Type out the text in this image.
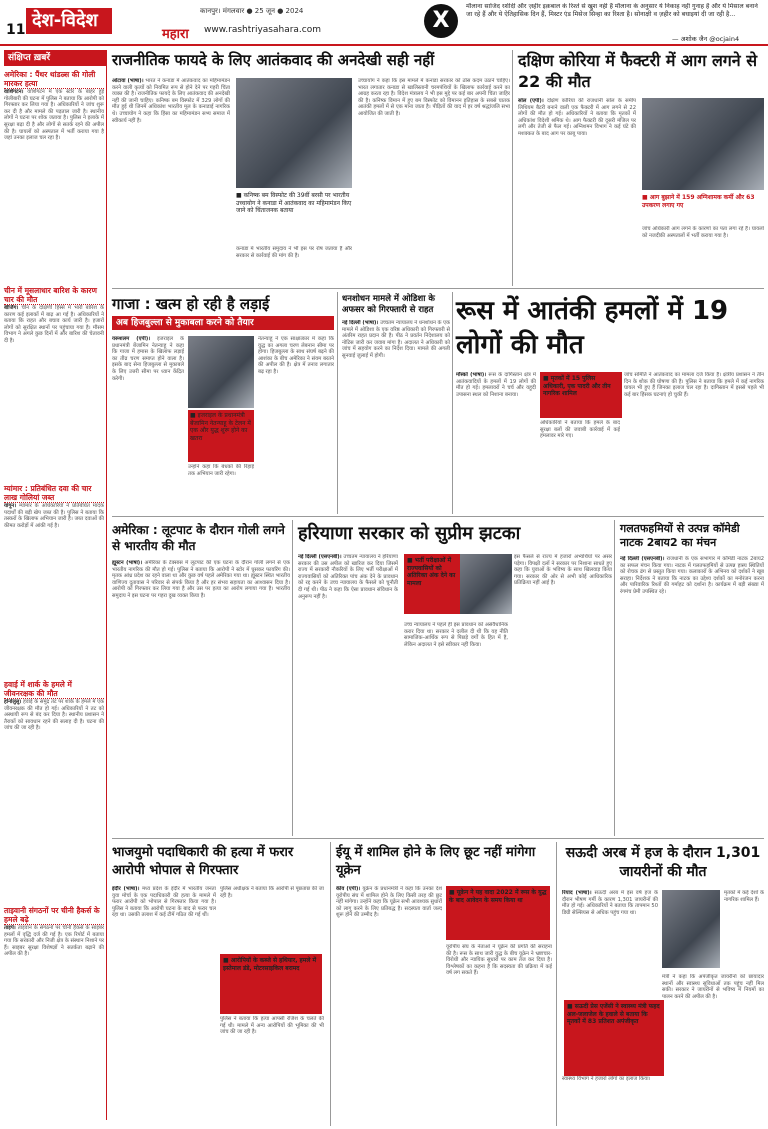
11 देश-विदेश	कानपुर। मंगलवार ● 25 जून ● 2024
महारा www.rashtriyasahara.com	X
मौलाना साजिद रशीदी और ज़हीर इक़बाल के रिश्ते से खुश नहीं हैं मौलाना के अनुसार ये निकाह नहीं गुनाह है और ये मिसाल बनाने जा रहे हैं और ये ऐतिहासिक दिन हैं, मिस्टर एंड मिसेज सिन्हा का रिश्ता है। सोनाक्षी व ज़हीर को बधाइयां दी जा रही है...
— अशोक जैन @ocjain4
संक्षिप्त ख़बरें
अमेरिका : पैंथर थांडल्र्स की गोली मारकर हत्या
वाशिंगटन। वाशिंगटन में एक स्टोर के बाहर हुई गोलीबारी की घटना में पुलिस ने बताया कि आरोपी को गिरफ्तार कर लिया गया है। अधिकारियों ने जांच शुरू कर दी है और मामले की पड़ताल जारी है। स्थानीय लोगों ने घटना पर शोक जताया है। पुलिस ने इलाके में सुरक्षा बढ़ा दी है और लोगों से सतर्क रहने की अपील की है। घायलों को अस्पताल में भर्ती कराया गया है जहां उनका इलाज चल रहा है।
चीन में मूसलाधार बारिश के कारण चार की मौत
बीजिंग। चीन के दक्षिणी हिस्से में भारी बारिश के कारण कई इलाकों में बाढ़ आ गई है। अधिकारियों ने बताया कि राहत और बचाव कार्य जारी है। हजारों लोगों को सुरक्षित स्थानों पर पहुंचाया गया है। मौसम विभाग ने अगले कुछ दिनों में और बारिश की चेतावनी दी है।
म्यांमार : प्रतिबंधित दवा की चार लाख गोलियां जब्त
यांगून। म्यांमार के अधिकारियों ने प्रतिबंधित मादक पदार्थों की बड़ी खेप जब्त की है। पुलिस ने बताया कि तस्करों के खिलाफ अभियान जारी है। जब्त दवाओं की कीमत करोड़ों में आंकी गई है।
हवाई में शार्क के हमले में जीवनरक्षक की मौत
होनोलुलु। हवाई के समुद्र तट पर शार्क के हमले में एक जीवनरक्षक की मौत हो गई। अधिकारियों ने तट को अस्थायी रूप से बंद कर दिया है। स्थानीय प्रशासन ने तैराकों को सावधान रहने की सलाह दी है। घटना की जांच की जा रही है।
ताइवानी संगठनों पर चीनी हैकर्स के हमले बढ़े
ताइपे। ताइवान के संगठनों पर चीनी हैकर्स के साइबर हमलों में वृद्धि दर्ज की गई है। एक रिपोर्ट में बताया गया कि सरकारी और निजी क्षेत्र के संस्थान निशाने पर हैं। साइबर सुरक्षा विशेषज्ञों ने सतर्कता बढ़ाने की अपील की है।
राजनीतिक फायदे के लिए आतंकवाद की अनदेखी सही नहीं
ओटावा (भाषा)। भारत ने कनाडा में आतंकवाद का महिमामंडन करने वाली कृत्यों को नियमित रूप से होने देने पर गहरी चिंता व्यक्त की है। राजनीतिक फायदे के लिए आतंकवाद की अनदेखी नहीं की जानी चाहिए। कनिष्क बम विस्फोट में 329 लोगों की मौत हुई थी जिनमें अधिकांश भारतीय मूल के कनाडाई नागरिक थे। उच्चायोग ने कहा कि हिंसा का महिमामंडन सभ्य समाज में स्वीकार्य नहीं है।
■ कनिष्क बम विस्फोट की 39वीं बरसी पर भारतीय उच्चायोग ने कनाडा में आतंकवाद का महिमामंडन किए जाने को चिंताजनक बताया
कनाडा में भारतीय समुदाय ने भी इस पर रोष जताया है और सरकार से कार्रवाई की मांग की है।
उच्चायोग ने कहा कि इस मामले में कनाडा सरकार को ठोस कदम उठाने चाहिए। भारत लगातार कनाडा से खालिस्तानी चरमपंथियों के खिलाफ कार्रवाई करने का आग्रह करता रहा है। विदेश मंत्रालय ने भी इस मुद्दे पर कई बार अपनी चिंता जाहिर की है। कनिष्क विमान में हुए बम विस्फोट को विमानन इतिहास के सबसे घातक आतंकी हमलों में से एक माना जाता है। पीड़ितों की याद में हर वर्ष श्रद्धांजलि सभा आयोजित की जाती है।
दक्षिण कोरिया में फैक्टरी में आग लगने से 22 की मौत
सोल (एपी)। दक्षिण कोरिया की राजधानी सोल के समीप लिथियम बैटरी बनाने वाली एक फैक्टरी में आग लगने से 22 लोगों की मौत हो गई। अधिकारियों ने बताया कि मृतकों में अधिकांश विदेशी श्रमिक थे। आग फैक्टरी की दूसरी मंजिल पर लगी और तेजी से फैल गई। अग्निशमन विभाग ने कई घंटे की मशक्कत के बाद आग पर काबू पाया।
■ आग बुझाने में 159 अग्निशामक कर्मी और 63 उपकरण लगाए गए
जांच अधिकारी आग लगने के कारणों का पता लगा रहे हैं। घायलों को नजदीकी अस्पतालों में भर्ती कराया गया है।
गाजा : खत्म हो रही है लड़ाई
अब हिजबुल्ला से मुकाबला करने को तैयार
यरूशलम (एपी)। इजराइल के प्रधानमंत्री बेंजामिन नेतन्याहू ने कहा कि गाजा में हमास के खिलाफ लड़ाई का तीव्र चरण समाप्त होने वाला है। इसके बाद सेना हिजबुल्ला से मुकाबले के लिए उत्तरी सीमा पर ध्यान केंद्रित करेगी।
■ इजराइल के प्रधानमंत्री बेंजामिन नेतन्याहू के टेलन में एक और युद्ध शुरू होने का खतरा
उन्होंने कहा कि बंधकों की रिहाई तक अभियान जारी रहेगा।
नेतन्याहू ने एक साक्षात्कार में कहा कि युद्ध का अगला चरण लेबनान सीमा पर होगा। हिजबुल्ला के साथ संघर्ष बढ़ने की आशंका के बीच अमेरिका ने संयम बरतने की अपील की है। क्षेत्र में तनाव लगातार बढ़ रहा है।
धनशोधन मामले में ओडिशा के अफसर को गिरफ्तारी से राहत
नई दिल्ली (भाषा)। उच्चतम न्यायालय ने धनशोधन के एक मामले में ओडिशा के एक वरिष्ठ अधिकारी को गिरफ्तारी से अंतरिम राहत प्रदान की है। पीठ ने प्रवर्तन निदेशालय को नोटिस जारी कर जवाब मांगा है। अदालत ने अधिकारी को जांच में सहयोग करने का निर्देश दिया। मामले की अगली सुनवाई जुलाई में होगी।
रूस में आतंकी हमलों में 19 लोगों की मौत
मॉस्को (भाषा)। रूस के दागिस्तान क्षेत्र में आतंकवादियों के हमलों में 19 लोगों की मौत हो गई। हमलावरों ने चर्च और यहूदी उपासना स्थल को निशाना बनाया।
■ मृतकों में 15 पुलिस अधिकारी, एक पादरी और तीन नागरिक शामिल
अधिकारियों ने बताया कि हमले के बाद सुरक्षा बलों की जवाबी कार्रवाई में कई हमलावर मारे गए।
जांच समिति ने आतंकवाद का मामला दर्ज किया है। क्षेत्रीय प्रशासन ने तीन दिन के शोक की घोषणा की है। पुलिस ने बताया कि हमले में कई नागरिक घायल भी हुए हैं जिनका इलाज चल रहा है। दागिस्तान में इससे पहले भी कई बार हिंसक घटनाएं हो चुकी हैं।
अमेरिका : लूटपाट के दौरान गोली लगने से भारतीय की मौत
ह्यूस्टन (भाषा)। अमेरिका के टेक्सास में लूटपाट की एक घटना के दौरान गोली लगने से एक भारतीय नागरिक की मौत हो गई। पुलिस ने बताया कि आरोपी ने स्टोर में घुसकर फायरिंग की। मृतक आंध्र प्रदेश का रहने वाला था और कुछ वर्ष पहले अमेरिका गया था। ह्यूस्टन स्थित भारतीय वाणिज्य दूतावास ने परिवार से संपर्क किया है और हर संभव सहायता का आश्वासन दिया है। आरोपी को गिरफ्तार कर लिया गया है और उस पर हत्या का आरोप लगाया गया है। भारतीय समुदाय ने इस घटना पर गहरा दुख व्यक्त किया है।
हरियाणा सरकार को सुप्रीम झटका
नई दिल्ली (एसएनबी)। उच्चतम न्यायालय ने हरियाणा सरकार की उस अपील को खारिज कर दिया जिसमें राज्य में सरकारी नौकरियों के लिए भर्ती परीक्षाओं में राज्यवासियों को अतिरिक्त पांच अंक देने के प्रावधान को रद्द करने के उच्च न्यायालय के फैसले को चुनौती दी गई थी। पीठ ने कहा कि ऐसा प्रावधान संविधान के अनुरूप नहीं है।
■ भर्ती परीक्षाओं में राज्यवासियों को अतिरिक्त अंक देने का मामला
उच्च न्यायालय ने पहले ही इस प्रावधान को असंवैधानिक करार दिया था। सरकार ने दलील दी थी कि यह नीति सामाजिक-आर्थिक रूप से पिछड़े वर्गों के हित में है, लेकिन अदालत ने इसे स्वीकार नहीं किया।
इस फैसले से राज्य में हजारों अभ्यर्थियों पर असर पड़ेगा। विपक्षी दलों ने सरकार पर निशाना साधते हुए कहा कि युवाओं के भविष्य के साथ खिलवाड़ किया गया। सरकार की ओर से अभी कोई आधिकारिक प्रतिक्रिया नहीं आई है।
गलतफहमियों से उत्पन्न कॉमेडी नाटक 2बाय2 का मंचन
नई दिल्ली (एसएनबी)। राजधानी के एक सभागार में कॉमेडी नाटक 2बाय2 का सफल मंचन किया गया। नाटक में गलतफहमियों से उत्पन्न हास्य स्थितियों को रोचक ढंग से प्रस्तुत किया गया। कलाकारों के अभिनय को दर्शकों ने खूब सराहा। निर्देशक ने बताया कि नाटक का उद्देश्य दर्शकों का मनोरंजन करना और पारिवारिक रिश्तों की गर्माहट को दर्शाना है। कार्यक्रम में बड़ी संख्या में रंगमंच प्रेमी उपस्थित रहे।
भाजयुमो पदाधिकारी की हत्या में फरार आरोपी भोपाल से गिरफ्तार
इंदौर (भाषा)। मध्य प्रदेश के इंदौर में भारतीय जनता युवा मोर्चा के एक पदाधिकारी की हत्या के मामले में फरार आरोपी को भोपाल से गिरफ्तार किया गया है। पुलिस ने बताया कि आरोपी घटना के बाद से फरार चल रहा था। उसकी तलाश में कई टीमें गठित की गई थीं।
■ आरोपियों के कब्जे से हथियार, हमले में इस्तेमाल डंडे, मोटरसाइकिल बरामद
पुलिस अधीक्षक ने बताया कि आरोपी से पूछताछ की जा रही है।
पुलिस ने बताया कि हत्या आपसी रंजिश के चलते की गई थी। मामले में अन्य आरोपियों की भूमिका की भी जांच की जा रही है।
ईयू में शामिल होने के लिए छूट नहीं मांगेगा यूक्रेन
कीव (एपी)। यूक्रेन के प्रधानमंत्री ने कहा कि उनका देश यूरोपीय संघ में शामिल होने के लिए किसी तरह की छूट नहीं मांगेगा। उन्होंने कहा कि यूक्रेन सभी आवश्यक सुधारों को लागू करने के लिए प्रतिबद्ध है। सदस्यता वार्ता जल्द शुरू होने की उम्मीद है।
■ यूक्रेन ने यह वादा 2022 में रूस के युद्ध के बाद आवेदन के समय किया था
यूरोपीय संघ के नेताओं ने यूक्रेन की प्रगति की सराहना की है। रूस के साथ जारी युद्ध के बीच यूक्रेन ने भ्रष्टाचार-विरोधी और न्यायिक सुधारों पर काम तेज कर दिया है। विश्लेषकों का कहना है कि सदस्यता की प्रक्रिया में कई वर्ष लग सकते हैं।
सऊदी अरब में हज के दौरान 1,301 जायरीनों की मौत
रियाद (भाषा)। सऊदी अरब में इस वर्ष हज के दौरान भीषण गर्मी के कारण 1,301 जायरीनों की मौत हो गई। अधिकारियों ने बताया कि तापमान 50 डिग्री सेल्सियस से अधिक पहुंच गया था।
मृतकों में कई देशों के नागरिक शामिल हैं।
■ सऊदी प्रेस एजेंसी ने स्वास्थ्य मंत्री फहद अल-जलाजेल के हवाले से बताया कि मृतकों में 83 प्रतिशत अपंजीकृत
मंत्री ने कहा कि अपंजीकृत जायरीनों को छायादार स्थानों और स्वास्थ्य सुविधाओं तक पहुंच नहीं मिल सकी। सरकार ने जायरीनों से भविष्य में नियमों का पालन करने की अपील की है।
स्वास्थ्य विभाग ने हजारों लोगों का इलाज किया।
